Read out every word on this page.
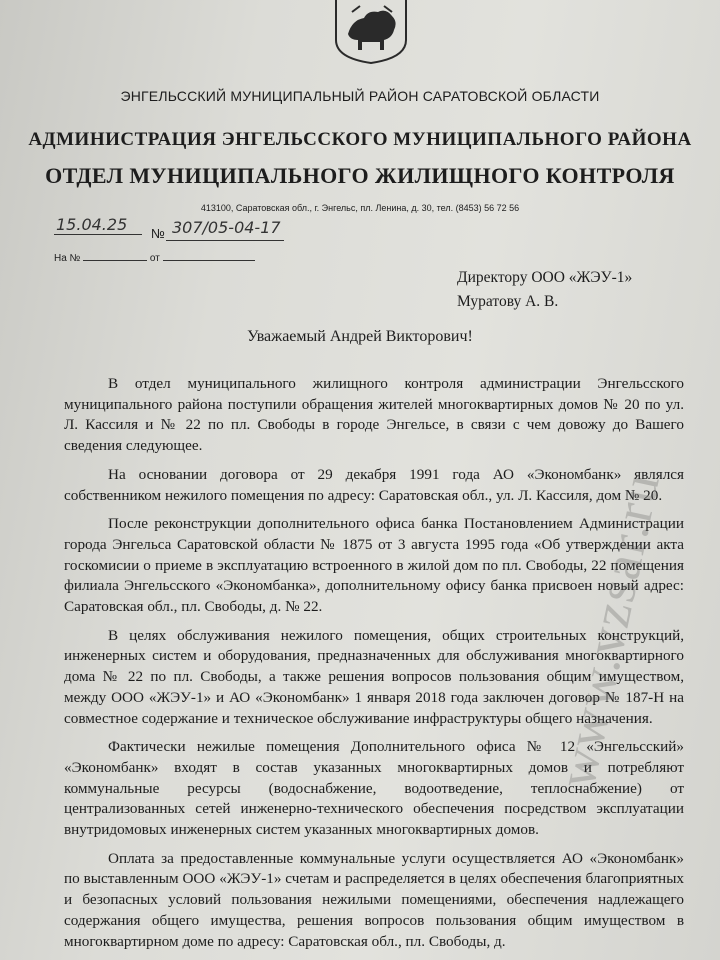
ЭНГЕЛЬССКИЙ МУНИЦИПАЛЬНЫЙ РАЙОН САРАТОВСКОЙ ОБЛАСТИ
АДМИНИСТРАЦИЯ ЭНГЕЛЬССКОГО МУНИЦИПАЛЬНОГО РАЙОНА
ОТДЕЛ МУНИЦИПАЛЬНОГО ЖИЛИЩНОГО КОНТРОЛЯ
413100, Саратовская обл., г. Энгельс, пл. Ленина, д. 30, тел. (8453) 56 72 56
15.04.25 № 307/05-04-17
На №	от
Директору ООО «ЖЭУ-1»
Муратову А. В.
Уважаемый Андрей Викторович!

В отдел муниципального жилищного контроля администрации Энгельсского муниципального района поступили обращения жителей многоквартирных домов № 20 по ул. Л. Кассиля и № 22 по пл. Свободы в городе Энгельсе, в связи с чем довожу до Вашего сведения следующее.

На основании договора от 29 декабря 1991 года АО «Экономбанк» являлся собственником нежилого помещения по адресу: Саратовская обл., ул. Л. Кассиля, дом № 20.

После реконструкции дополнительного офиса банка Постановлением Администрации города Энгельса Саратовской области № 1875 от 3 августа 1995 года «Об утверждении акта госкомисии о приеме в эксплуатацию встроенного в жилой дом по пл. Свободы, 22 помещения филиала Энгельсского «Экономбанка», дополнительному офису банка присвоен новый адрес: Саратовская обл., пл. Свободы, д. № 22.

В целях обслуживания нежилого помещения, общих строительных конструкций, инженерных систем и оборудования, предназначенных для обслуживания многоквартирного дома № 22 по пл. Свободы, а также решения вопросов пользования общим имуществом, между ООО «ЖЭУ-1» и АО «Экономбанк» 1 января 2018 года заключен договор № 187-Н на совместное содержание и техническое обслуживание инфраструктуры общего назначения.

Фактически нежилые помещения Дополнительного офиса № 12 «Энгельсский» «Экономбанк» входят в состав указанных многоквартирных домов и потребляют коммунальные ресурсы (водоснабжение, водоотведение, теплоснабжение) от централизованных сетей инженерно-технического обеспечения посредством эксплуатации внутридомовых инженерных систем указанных многоквартирных домов.

Оплата за предоставленные коммунальные услуги осуществляется АО «Экономбанк» по выставленным ООО «ЖЭУ-1» счетам и распределяется в целях обеспечения благоприятных и безопасных условий пользования нежилыми помещениями, обеспечения надлежащего содержания общего имущества, решения вопросов пользования общим имуществом в многоквартирном доме по адресу: Саратовская обл., пл. Свободы, д.

www.vzsar.ru
